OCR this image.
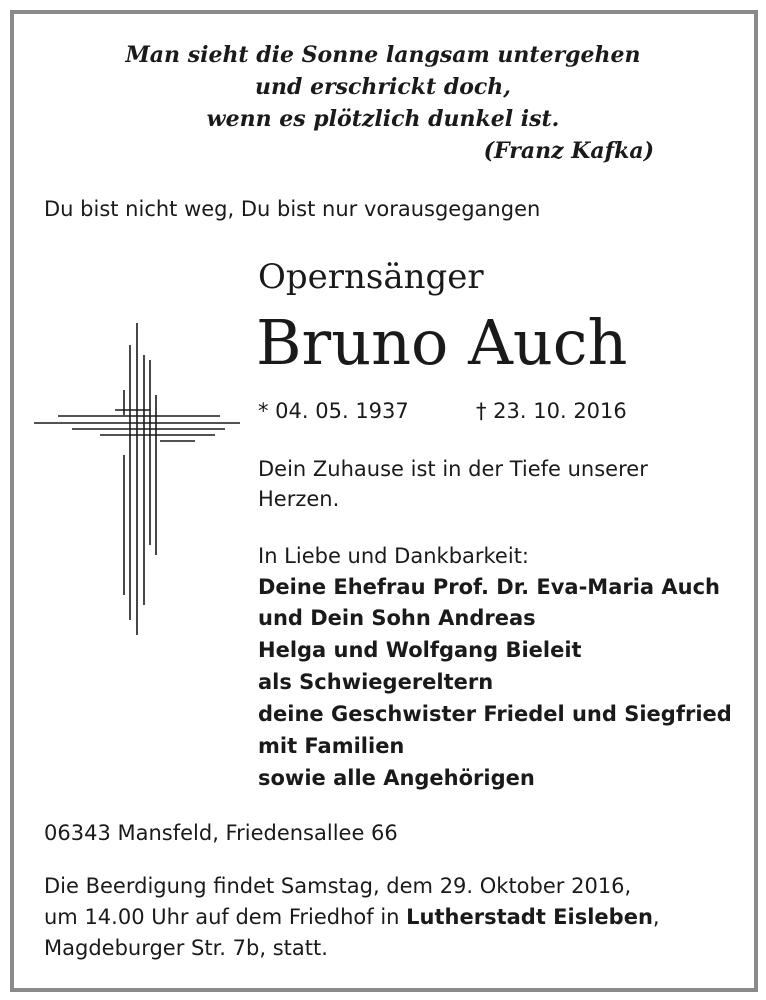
Man sieht die Sonne langsam untergehen
und erschrickt doch,
wenn es plötzlich dunkel ist.
(Franz Kafka)
Du bist nicht weg, Du bist nur vorausgegangen
Opernsänger
Bruno Auch
* 04. 05. 1937	† 23. 10. 2016
Dein Zuhause ist in der Tiefe unserer
Herzen.
In Liebe und Dankbarkeit:
Deine Ehefrau Prof. Dr. Eva-Maria Auch
und Dein Sohn Andreas
Helga und Wolfgang Bieleit
als Schwiegereltern
deine Geschwister Friedel und Siegfried
mit Familien
sowie alle Angehörigen
06343 Mansfeld, Friedensallee 66
Die Beerdigung findet Samstag, dem 29. Oktober 2016,
um 14.00 Uhr auf dem Friedhof in Lutherstadt Eisleben,
Magdeburger Str. 7b, statt.
